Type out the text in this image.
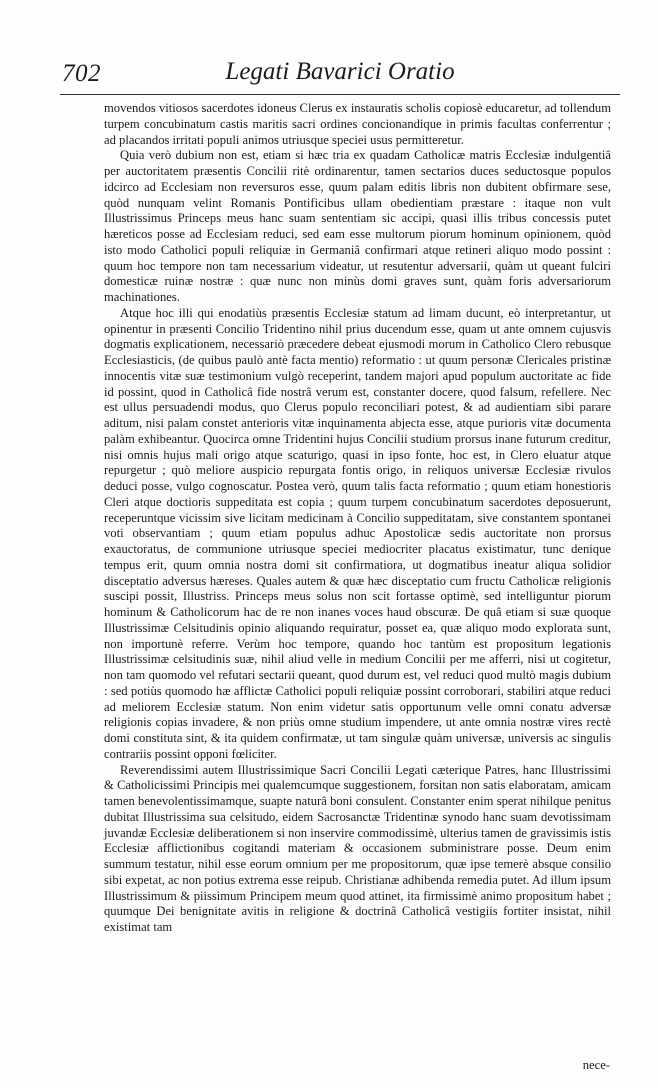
702	Legati Bavarici Oratio

movendos vitiosos sacerdotes idoneus Clerus ex instauratis scholis copiosè educaretur, ad tollendum turpem concubinatum castis maritis sacri ordines concionandique in primis facultas conferrentur ; ad placandos irritati populi animos utriusque speciei usus permitteretur.

Quia verò dubium non est, etiam si hæc tria ex quadam Catholicæ matris Ecclesiæ indulgentiâ per auctoritatem præsentis Concilii ritè ordinarentur, tamen sectarios duces seductosque populos idcirco ad Ecclesiam non reversuros esse, quum palam editis libris non dubitent obfirmare sese, quòd nunquam velint Romanis Pontificibus ullam obedientiam præstare : itaque non vult Illustrissimus Princeps meus hanc suam sententiam sic accipi, quasi illis tribus concessis putet hæreticos posse ad Ecclesiam reduci, sed eam esse multorum piorum hominum opinionem, quòd isto modo Catholici populi reliquiæ in Germaniâ confirmari atque retineri aliquo modo possint : quum hoc tempore non tam necessarium videatur, ut resutentur adversarii, quàm ut queant fulciri domesticæ ruinæ nostræ : quæ nunc non minùs domi graves sunt, quàm foris adversariorum machinationes.

Atque hoc illi qui enodatiùs præsentis Ecclesiæ statum ad limam ducunt, eò interpretantur, ut opinentur in præsenti Concilio Tridentino nihil prius ducendum esse, quam ut ante omnem cujusvis dogmatis explicationem, necessariò præcedere debeat ejusmodi morum in Catholico Clero rebusque Ecclesiasticis, (de quibus paulò antè facta mentio) reformatio : ut quum personæ Clericales pristinæ innocentis vitæ suæ testimonium vulgò receperint, tandem majori apud populum auctoritate ac fide id possint, quod in Catholicâ fide nostrâ verum est, constanter docere, quod falsum, refellere. Nec est ullus persuadendi modus, quo Clerus populo reconciliari potest, & ad audientiam sibi parare aditum, nisi palam constet anterioris vitæ inquinamenta abjecta esse, atque purioris vitæ documenta palàm exhibeantur. Quocirca omne Tridentini hujus Concilii studium prorsus inane futurum creditur, nisi omnis hujus mali origo atque scaturigo, quasi in ipso fonte, hoc est, in Clero eluatur atque repurgetur ; quò meliore auspicio repurgata fontis origo, in reliquos universæ Ecclesiæ rivulos deduci posse, vulgo cognoscatur. Postea verò, quum talis facta reformatio ; quum etiam honestioris Cleri atque doctioris suppeditata est copia ; quum turpem concubinatum sacerdotes deposuerunt, receperuntque vicissim sive licitam medicinam à Concilio suppeditatam, sive constantem spontanei voti observantiam ; quum etiam populus adhuc Apostolicæ sedis auctoritate non prorsus exauctoratus, de communione utriusque speciei mediocriter placatus existimatur, tunc denique tempus erit, quum omnia nostra domi sit confirmatiora, ut dogmatibus ineatur aliqua solidior disceptatio adversus hæreses. Quales autem & quæ hæc disceptatio cum fructu Catholicæ religionis suscipi possit, Illustriss. Princeps meus solus non scit fortasse optimè, sed intelliguntur piorum hominum & Catholicorum hac de re non inanes voces haud obscuræ. De quâ etiam si suæ quoque Illustrissimæ Celsitudinis opinio aliquando requiratur, posset ea, quæ aliquo modo explorata sunt, non importunè referre. Verùm hoc tempore, quando hoc tantùm est propositum legationis Illustrissimæ celsitudinis suæ, nihil aliud velle in medium Concilii per me afferri, nisi ut cogitetur, non tam quomodo vel refutari sectarii queant, quod durum est, vel reduci quod multò magis dubium : sed potiùs quomodo hæ afflictæ Catholici populi reliquiæ possint corroborari, stabiliri atque reduci ad meliorem Ecclesiæ statum. Non enim videtur satis opportunum velle omni conatu adversæ religionis copias invadere, & non priùs omne studium impendere, ut ante omnia nostræ vires rectè domi constituta sint, & ita quidem confirmatæ, ut tam singulæ quàm universæ, universis ac singulis contrariis possint opponi fœliciter.

Reverendissimi autem Illustrissimique Sacri Concilii Legati cæterique Patres, hanc Illustrissimi & Catholicissimi Principis mei qualemcumque suggestionem, forsitan non satis elaboratam, amicam tamen benevolentissimamque, suapte naturâ boni consulent. Constanter enim sperat nihilque penitus dubitat Illustrissima sua celsitudo, eidem Sacrosanctæ Tridentinæ synodo hanc suam devotissimam juvandæ Ecclesiæ deliberationem si non inservire commodissimè, ulterius tamen de gravissimis istis Ecclesiæ afflictionibus cogitandi materiam & occasionem subministrare posse. Deum enim summum testatur, nihil esse eorum omnium per me propositorum, quæ ipse temerè absque consilio sibi expetat, ac non potius extrema esse reipub. Christianæ adhibenda remedia putet. Ad illum ipsum Illustrissimum & piissimum Principem meum quod attinet, ita firmissimè animo propositum habet ; quumque Dei benignitate avitis in religione & doctrinâ Catholicâ vestigiis fortiter insistat, nihil existimat tam

nece-
